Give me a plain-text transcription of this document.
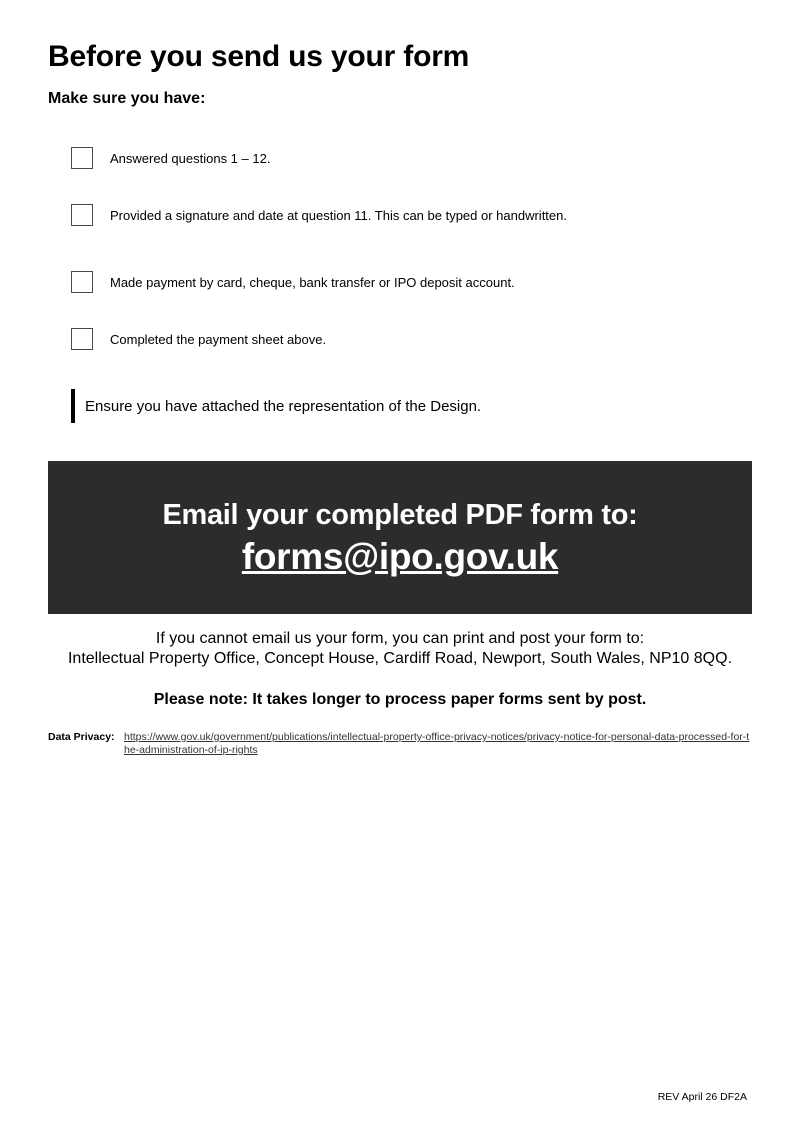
Before you send us your form
Make sure you have:
Answered questions 1 – 12.
Provided a signature and date at question 11. This can be typed or handwritten.
Made payment by card, cheque, bank transfer or IPO deposit account.
Completed the payment sheet above.
Ensure you have attached the representation of the Design.
Email your completed PDF form to:
forms@ipo.gov.uk
If you cannot email us your form, you can print and post your form to:
Intellectual Property Office, Concept House, Cardiff Road, Newport, South Wales, NP10 8QQ.
Please note: It takes longer to process paper forms sent by post.
Data Privacy: https://www.gov.uk/government/publications/intellectual-property-office-privacy-notices/privacy-notice-for-personal-data-processed-for-the-administration-of-ip-rights
REV April 26 DF2A
